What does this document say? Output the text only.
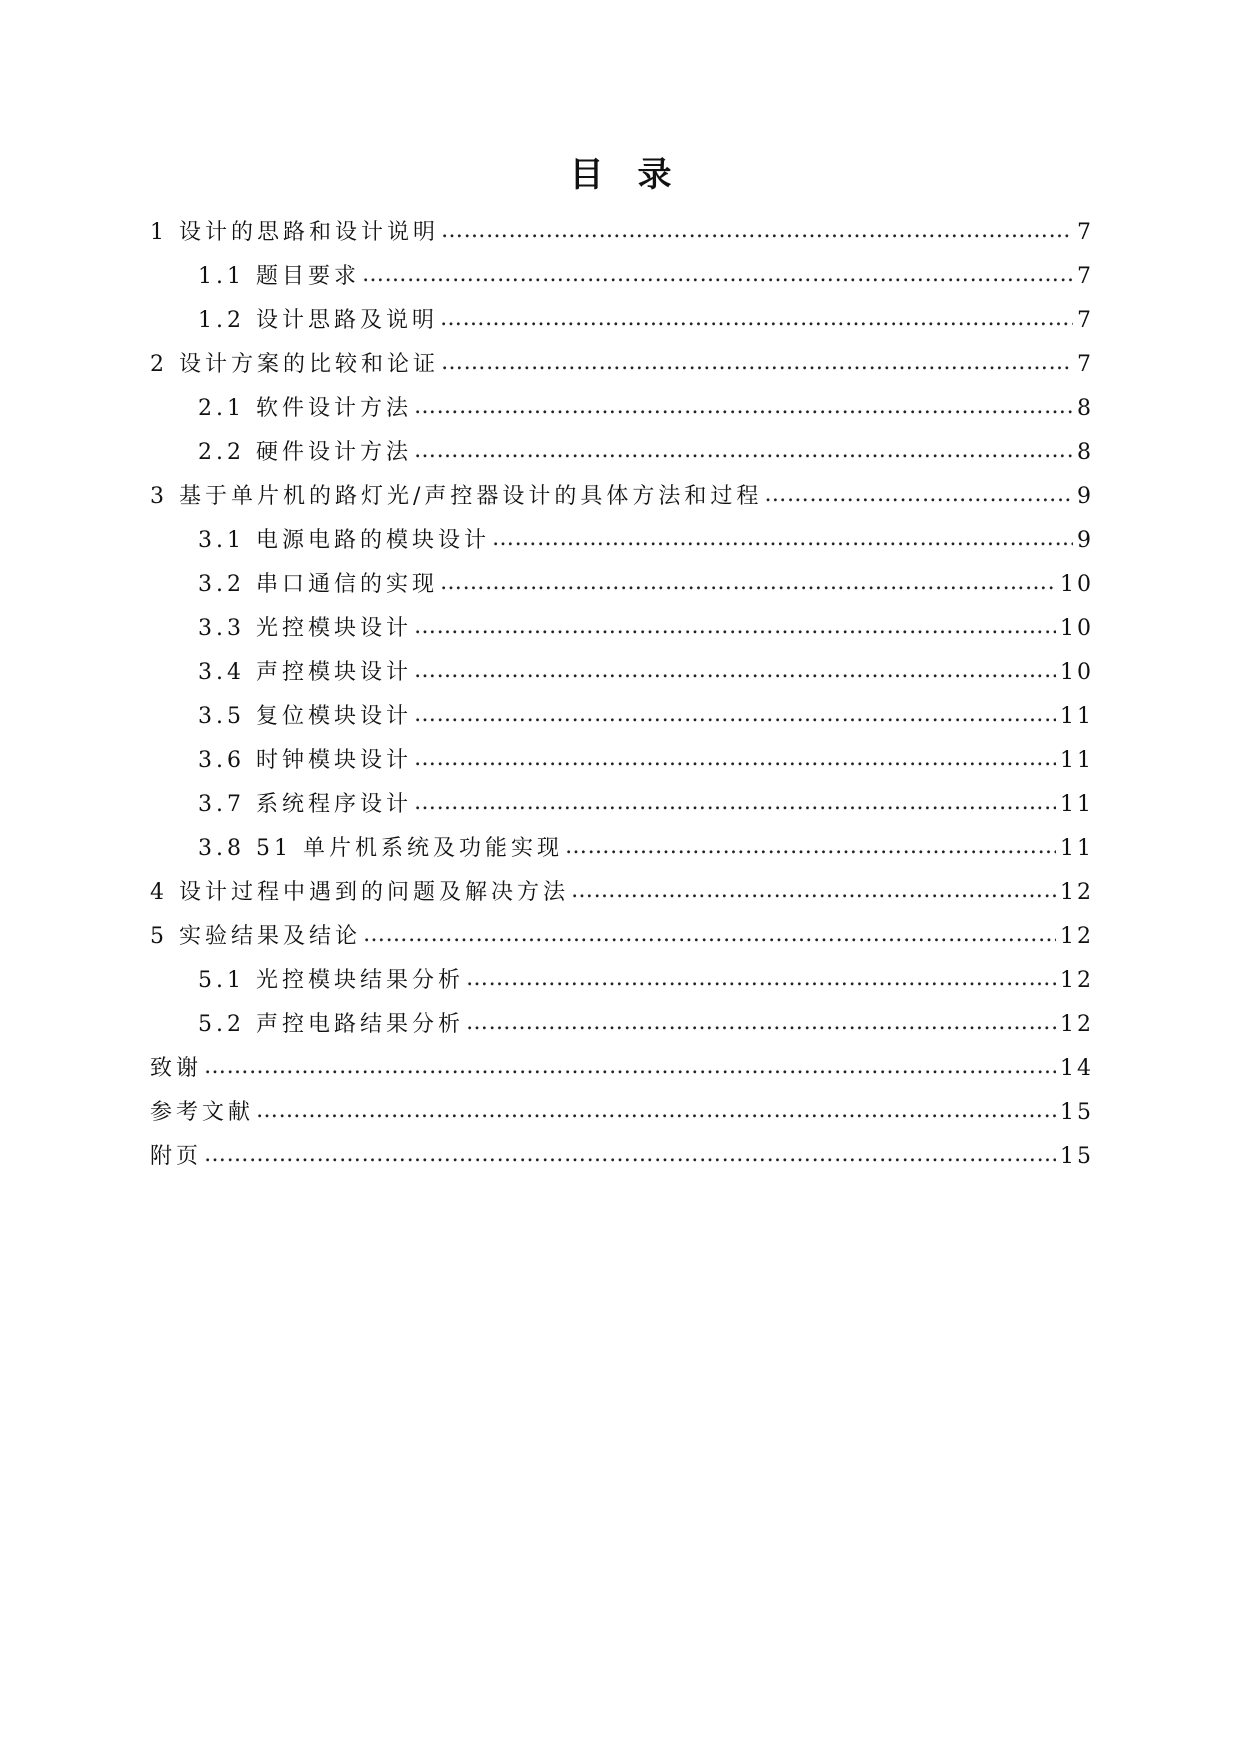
目　录
1 设计的思路和设计说明 …………………………………………………………………………………………………………………………………………………………………………………	7
1.1 题目要求 …………………………………………………………………………………………………………………………………………………………………………………	7
1.2 设计思路及说明 …………………………………………………………………………………………………………………………………………………………………………………	7
2 设计方案的比较和论证 …………………………………………………………………………………………………………………………………………………………………………………	7
2.1 软件设计方法 …………………………………………………………………………………………………………………………………………………………………………………	8
2.2 硬件设计方法 …………………………………………………………………………………………………………………………………………………………………………………	8
3 基于单片机的路灯光/声控器设计的具体方法和过程 …………………………………………………………………………………………………………………………………………………………………………………	9
3.1 电源电路的模块设计 …………………………………………………………………………………………………………………………………………………………………………………	9
3.2 串口通信的实现 …………………………………………………………………………………………………………………………………………………………………………………	10
3.3 光控模块设计 …………………………………………………………………………………………………………………………………………………………………………………	10
3.4 声控模块设计 …………………………………………………………………………………………………………………………………………………………………………………	10
3.5 复位模块设计 …………………………………………………………………………………………………………………………………………………………………………………	11
3.6 时钟模块设计 …………………………………………………………………………………………………………………………………………………………………………………	11
3.7 系统程序设计 …………………………………………………………………………………………………………………………………………………………………………………	11
3.8 51 单片机系统及功能实现 …………………………………………………………………………………………………………………………………………………………………………………	11
4 设计过程中遇到的问题及解决方法 …………………………………………………………………………………………………………………………………………………………………………………	12
5 实验结果及结论 …………………………………………………………………………………………………………………………………………………………………………………	12
5.1 光控模块结果分析 …………………………………………………………………………………………………………………………………………………………………………………	12
5.2 声控电路结果分析 …………………………………………………………………………………………………………………………………………………………………………………	12
致谢 …………………………………………………………………………………………………………………………………………………………………………………	14
参考文献 …………………………………………………………………………………………………………………………………………………………………………………	15
附页 …………………………………………………………………………………………………………………………………………………………………………………	15
